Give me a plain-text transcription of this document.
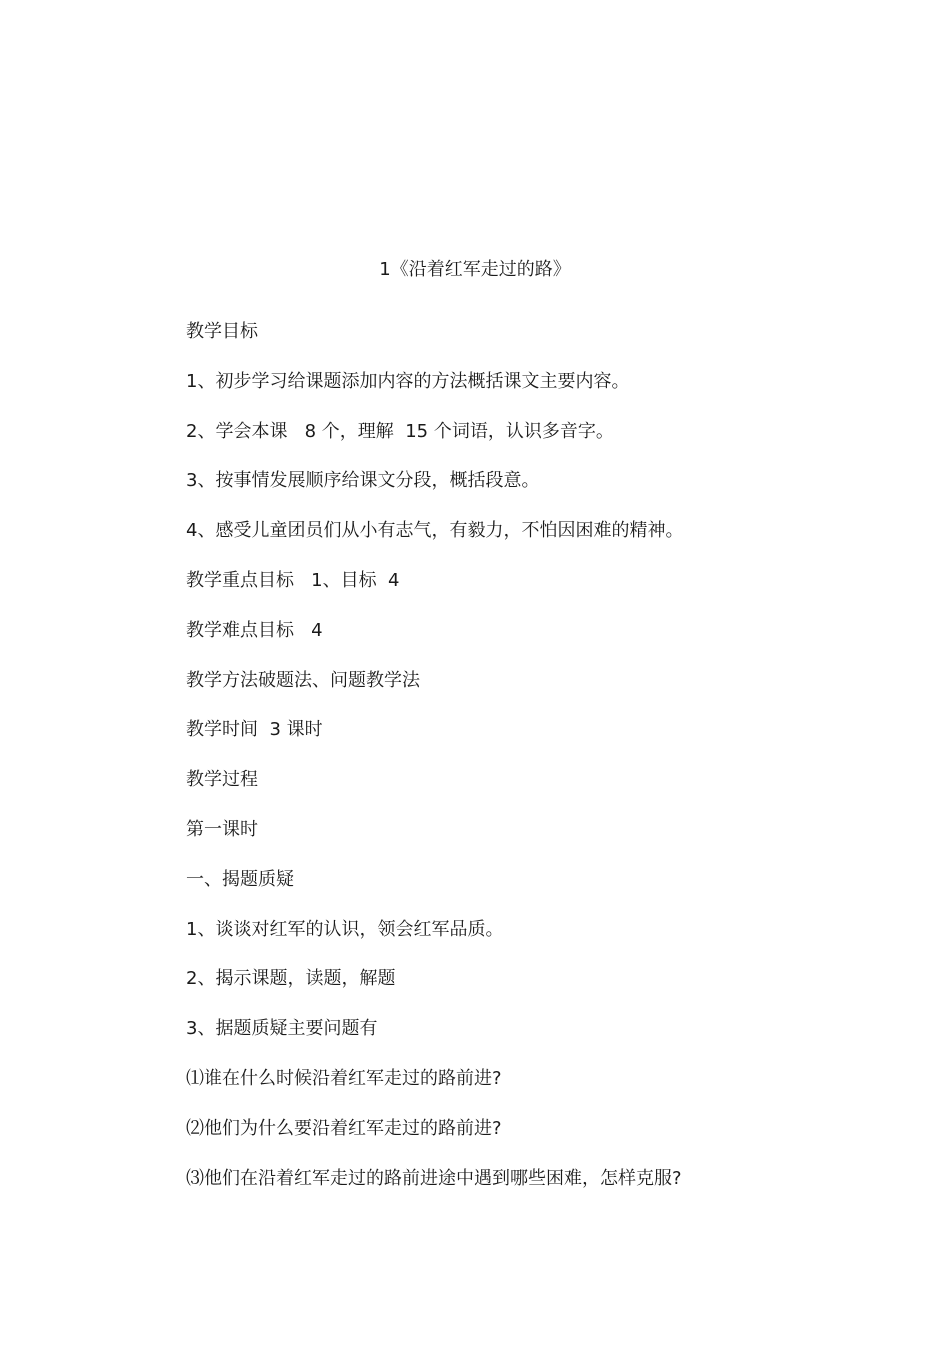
1《沿着红军走过的路》
教学目标
1、初步学习给课题添加内容的方法概括课文主要内容。
2、学会本课   8 个，理解  15 个词语，认识多音字。
3、按事情发展顺序给课文分段，概括段意。
4、感受儿童团员们从小有志气，有毅力，不怕因困难的精神。
教学重点目标   1、目标  4
教学难点目标   4
教学方法破题法、问题教学法
教学时间  3 课时
教学过程
第一课时
一、揭题质疑
1、谈谈对红军的认识，领会红军品质。
2、揭示课题，读题，解题
3、据题质疑主要问题有
⑴谁在什么时候沿着红军走过的路前进?
⑵他们为什么要沿着红军走过的路前进?
⑶他们在沿着红军走过的路前进途中遇到哪些困难，怎样克服?
